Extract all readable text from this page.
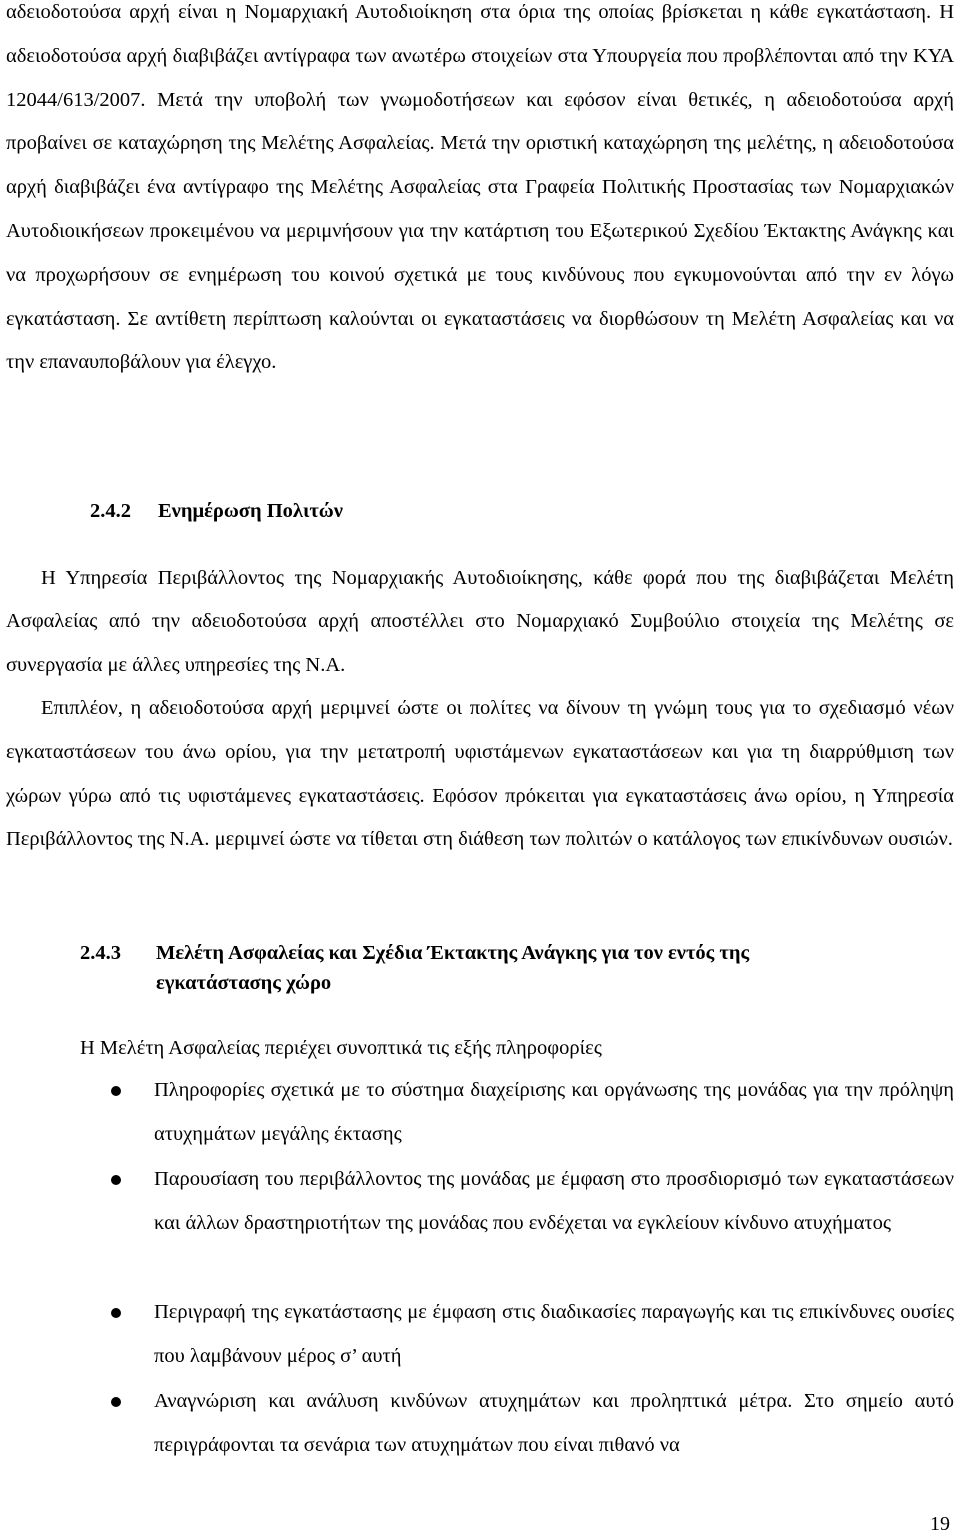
αδειοδοτούσα αρχή είναι η Νομαρχιακή Αυτοδιοίκηση στα όρια της οποίας βρίσκεται η κάθε εγκατάσταση. Η αδειοδοτούσα αρχή διαβιβάζει αντίγραφα των ανωτέρω στοιχείων στα Υπουργεία που προβλέπονται από την ΚΥΑ 12044/613/2007. Μετά την υποβολή των γνωμοδοτήσεων και εφόσον είναι θετικές, η αδειοδοτούσα αρχή προβαίνει σε καταχώρηση της Μελέτης Ασφαλείας. Μετά την οριστική καταχώρηση της μελέτης, η αδειοδοτούσα αρχή διαβιβάζει ένα αντίγραφο της Μελέτης Ασφαλείας στα Γραφεία Πολιτικής Προστασίας των Νομαρχιακών Αυτοδιοικήσεων προκειμένου να μεριμνήσουν για την κατάρτιση του Εξωτερικού Σχεδίου Έκτακτης Ανάγκης και να προχωρήσουν σε ενημέρωση του κοινού σχετικά με τους κινδύνους που εγκυμονούνται από την εν λόγω εγκατάσταση. Σε αντίθετη περίπτωση καλούνται οι εγκαταστάσεις να διορθώσουν τη Μελέτη Ασφαλείας και να την επαναυποβάλουν για έλεγχο.

2.4.2 Ενημέρωση Πολιτών

Η Υπηρεσία Περιβάλλοντος της Νομαρχιακής Αυτοδιοίκησης, κάθε φορά που της διαβιβάζεται Μελέτη Ασφαλείας από την αδειοδοτούσα αρχή αποστέλλει στο Νομαρχιακό Συμβούλιο στοιχεία της Μελέτης σε συνεργασία με άλλες υπηρεσίες της Ν.Α.

Επιπλέον, η αδειοδοτούσα αρχή μεριμνεί ώστε οι πολίτες να δίνουν τη γνώμη τους για το σχεδιασμό νέων εγκαταστάσεων του άνω ορίου, για την μετατροπή υφιστάμενων εγκαταστάσεων και για τη διαρρύθμιση των χώρων γύρω από τις υφιστάμενες εγκαταστάσεις. Εφόσον πρόκειται για εγκαταστάσεις άνω ορίου, η Υπηρεσία Περιβάλλοντος της Ν.Α. μεριμνεί ώστε να τίθεται στη διάθεση των πολιτών ο κατάλογος των επικίνδυνων ουσιών.

2.4.3 Μελέτη Ασφαλείας και Σχέδια Έκτακτης Ανάγκης για τον εντός της
εγκατάστασης χώρο

Η Μελέτη Ασφαλείας περιέχει συνοπτικά τις εξής πληροφορίες

Πληροφορίες σχετικά με το σύστημα διαχείρισης και οργάνωσης της μονάδας για την πρόληψη ατυχημάτων μεγάλης έκτασης

Παρουσίαση του περιβάλλοντος της μονάδας με έμφαση στο προσδιορισμό των εγκαταστάσεων και άλλων δραστηριοτήτων της μονάδας που ενδέχεται να εγκλείουν κίνδυνο ατυχήματος

Περιγραφή της εγκατάστασης με έμφαση στις διαδικασίες παραγωγής και τις επικίνδυνες ουσίες που λαμβάνουν μέρος σ’ αυτή

Αναγνώριση και ανάλυση κινδύνων ατυχημάτων και προληπτικά μέτρα. Στο σημείο αυτό περιγράφονται τα σενάρια των ατυχημάτων που είναι πιθανό να

19
